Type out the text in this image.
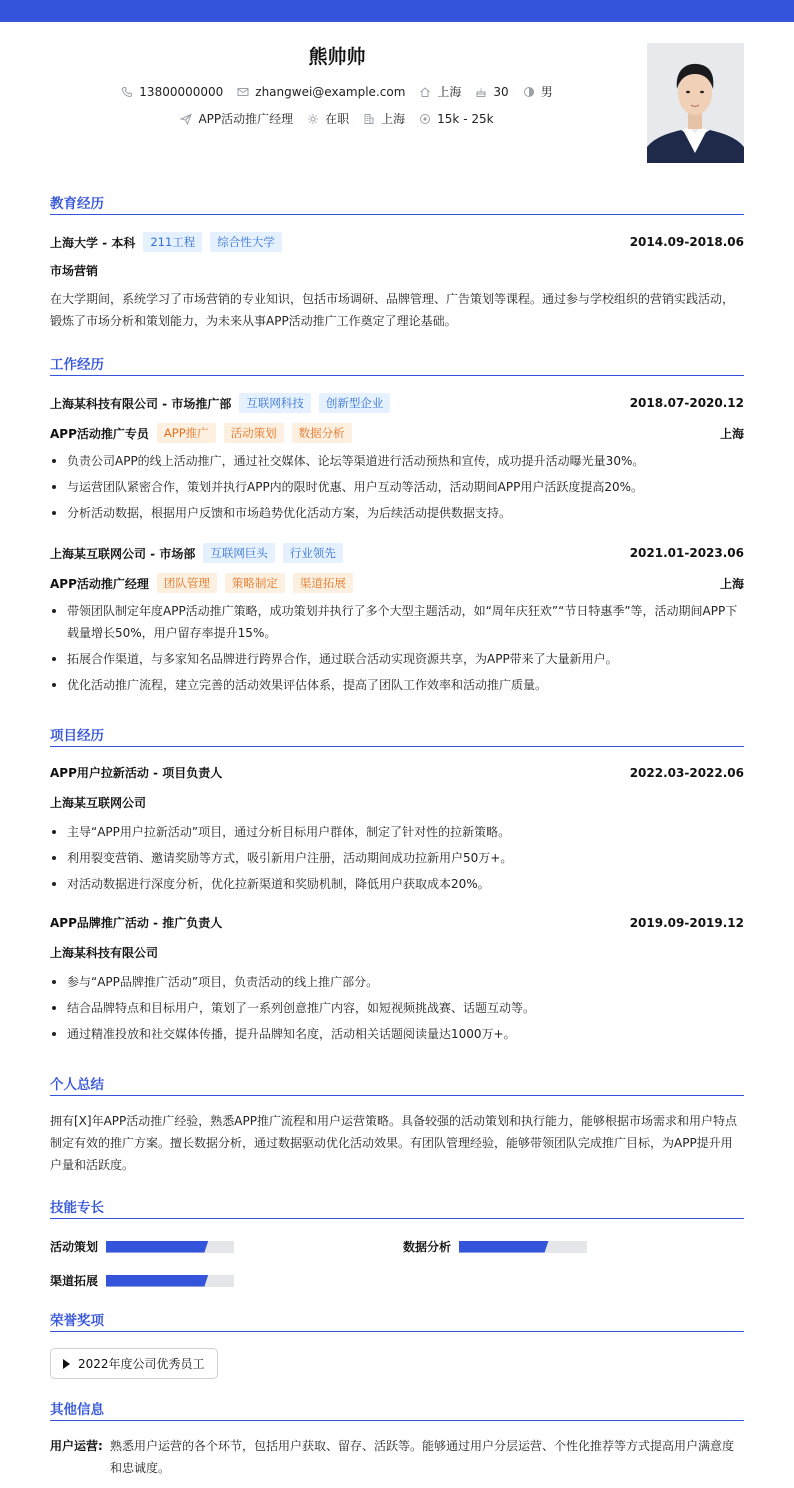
熊帅帅
13800000000	zhangwei@example.com	上海	30	男
APP活动推广经理	在职	上海	15k - 25k
教育经历
上海大学 - 本科	211工程	综合性大学	2014.09-2018.06
市场营销
在大学期间，系统学习了市场营销的专业知识，包括市场调研、品牌管理、广告策划等课程。通过参与学校组织的营销实践活动，锻炼了市场分析和策划能力，为未来从事APP活动推广工作奠定了理论基础。
工作经历
上海某科技有限公司 - 市场推广部	互联网科技	创新型企业	2018.07-2020.12
APP活动推广专员	APP推广	活动策划	数据分析	上海
负责公司APP的线上活动推广，通过社交媒体、论坛等渠道进行活动预热和宣传，成功提升活动曝光量30%。
与运营团队紧密合作，策划并执行APP内的限时优惠、用户互动等活动，活动期间APP用户活跃度提高20%。
分析活动数据，根据用户反馈和市场趋势优化活动方案，为后续活动提供数据支持。
上海某互联网公司 - 市场部	互联网巨头	行业领先	2021.01-2023.06
APP活动推广经理	团队管理	策略制定	渠道拓展	上海
带领团队制定年度APP活动推广策略，成功策划并执行了多个大型主题活动，如“周年庆狂欢”“节日特惠季”等，活动期间APP下载量增长50%，用户留存率提升15%。
拓展合作渠道，与多家知名品牌进行跨界合作，通过联合活动实现资源共享，为APP带来了大量新用户。
优化活动推广流程，建立完善的活动效果评估体系，提高了团队工作效率和活动推广质量。
项目经历
APP用户拉新活动 - 项目负责人	2022.03-2022.06
上海某互联网公司
主导“APP用户拉新活动”项目，通过分析目标用户群体，制定了针对性的拉新策略。
利用裂变营销、邀请奖励等方式，吸引新用户注册，活动期间成功拉新用户50万+。
对活动数据进行深度分析，优化拉新渠道和奖励机制，降低用户获取成本20%。
APP品牌推广活动 - 推广负责人	2019.09-2019.12
上海某科技有限公司
参与“APP品牌推广活动”项目，负责活动的线上推广部分。
结合品牌特点和目标用户，策划了一系列创意推广内容，如短视频挑战赛、话题互动等。
通过精准投放和社交媒体传播，提升品牌知名度，活动相关话题阅读量达1000万+。
个人总结
拥有[X]年APP活动推广经验，熟悉APP推广流程和用户运营策略。具备较强的活动策划和执行能力，能够根据市场需求和用户特点制定有效的推广方案。擅长数据分析，通过数据驱动优化活动效果。有团队管理经验，能够带领团队完成推广目标，为APP提升用户量和活跃度。
技能专长
活动策划	数据分析
渠道拓展
荣誉奖项
2022年度公司优秀员工
其他信息
用户运营: 熟悉用户运营的各个环节，包括用户获取、留存、活跃等。能够通过用户分层运营、个性化推荐等方式提高用户满意度和忠诚度。
